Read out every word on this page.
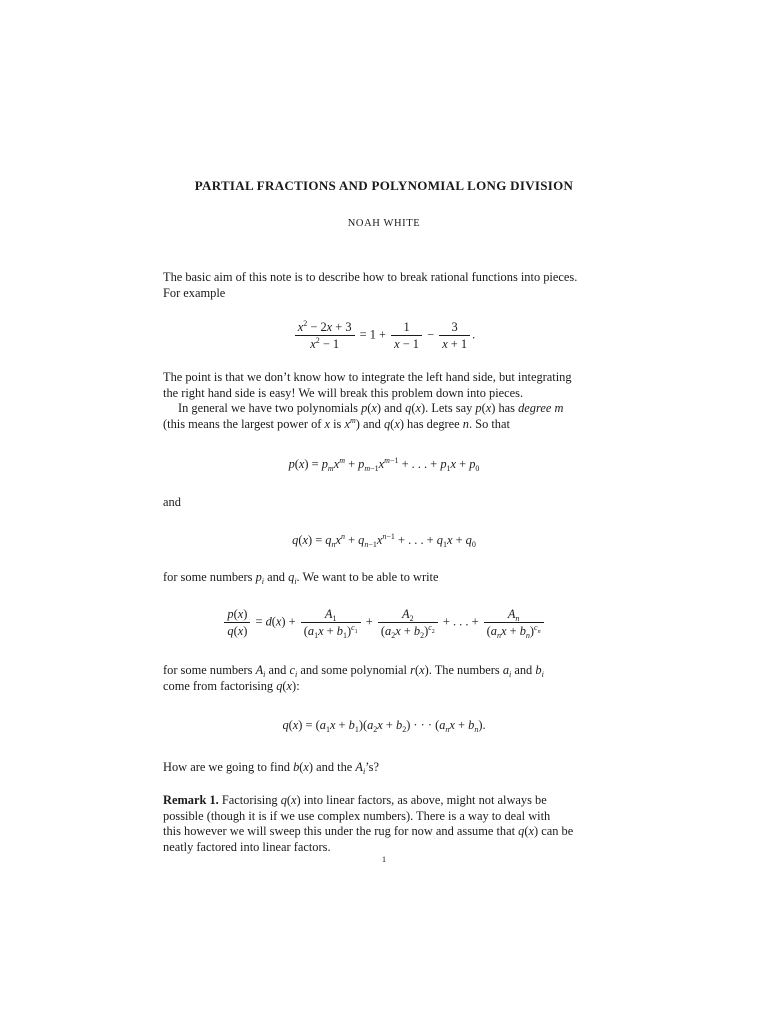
PARTIAL FRACTIONS AND POLYNOMIAL LONG DIVISION
NOAH WHITE
The basic aim of this note is to describe how to break rational functions into pieces.
For example
$\frac{x^2 - 2x + 3}{x^2 - 1} = 1 + \frac{1}{x - 1} - \frac{3}{x + 1}$ .
The point is that we don’t know how to integrate the left hand side, but integrating
the right hand side is easy! We will break this problem down into pieces.
In general we have two polynomials p(x) and q(x). Lets say p(x) has degree m
(this means the largest power of x is $x^m$) and q(x) has degree n. So that
$p(x) = p_mx^m + p_{m-1}x^{m-1}$ + . . . + $p_1x + p_0$
and
$q(x) = q_nx^n + q_{n-1}x^{n-1}$ + . . . + $q_1x + q_0$
for some numbers $p_i$ and $q_i$. We want to be able to write
$\frac{p(x)}{q(x)} = d(x) + \frac{A_1}{(a_1x + b_1)^{c_1}} + \frac{A_2}{(a_2x + b_2)^{c_2}}$ + . . . + $\frac{A_n}{(a_nx + b_n)^{c_n}}$
for some numbers $A_i$ and $c_i$ and some polynomial r(x). The numbers $a_i$ and $b_i$
come from factorising q(x):
$q(x) = (a_1x + b_1)(a_2x + b_2)$ · · · $(a_nx + b_n)$.
How are we going to find b(x) and the $A_i’s$?
Remark 1. Factorising q(x) into linear factors, as above, might not always be
possible (though it is if we use complex numbers). There is a way to deal with
this however we will sweep this under the rug for now and assume that q(x) can be
neatly factored into linear factors.
1
